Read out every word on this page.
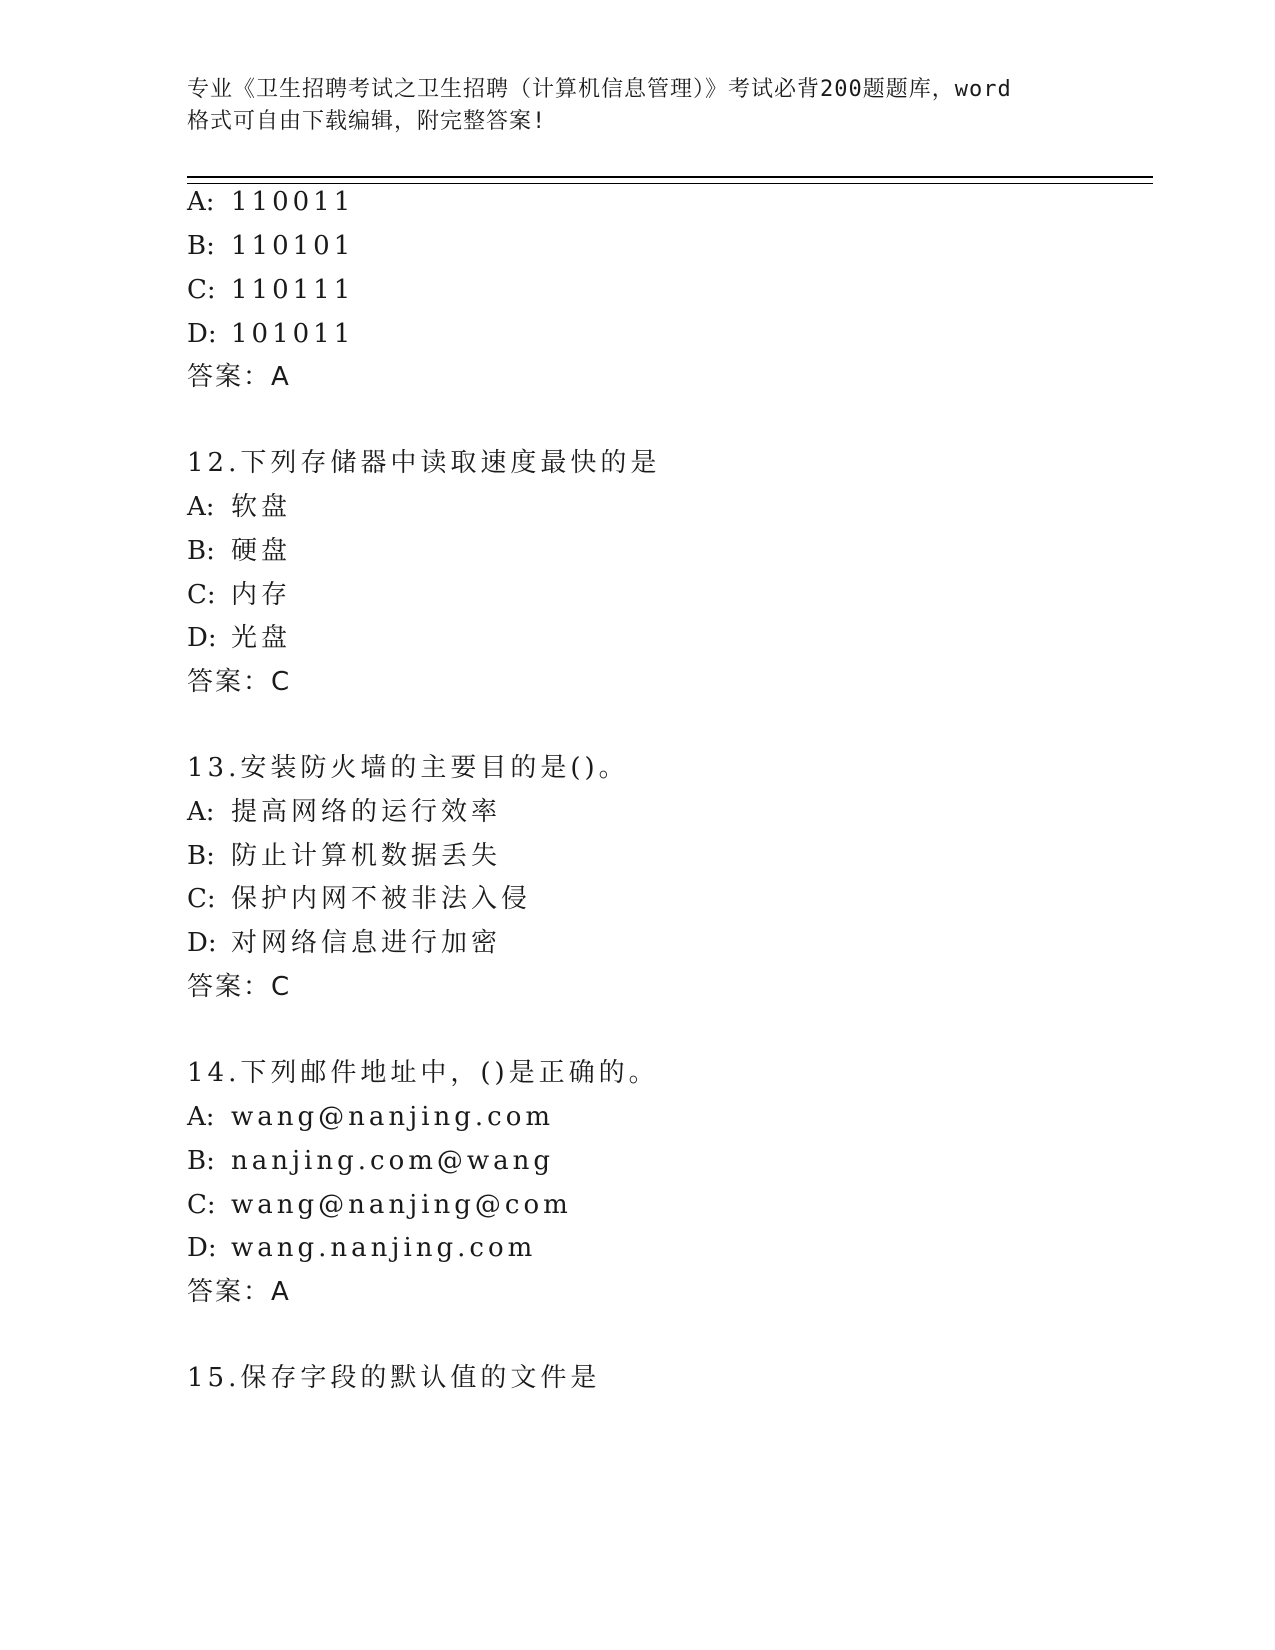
专业《卫生招聘考试之卫生招聘（计算机信息管理）》考试必背200题题库，word
格式可自由下载编辑，附完整答案!
A: 110011
B: 110101
C: 110111
D: 101011
答案：A
12.下列存储器中读取速度最快的是
A: 软盘
B: 硬盘
C: 内存
D: 光盘
答案：C
13.安装防火墙的主要目的是()。
A: 提高网络的运行效率
B: 防止计算机数据丢失
C: 保护内网不被非法入侵
D: 对网络信息进行加密
答案：C
14.下列邮件地址中，()是正确的。
A: wang@nanjing.com
B: nanjing.com@wang
C: wang@nanjing@com
D: wang.nanjing.com
答案：A
15.保存字段的默认值的文件是
